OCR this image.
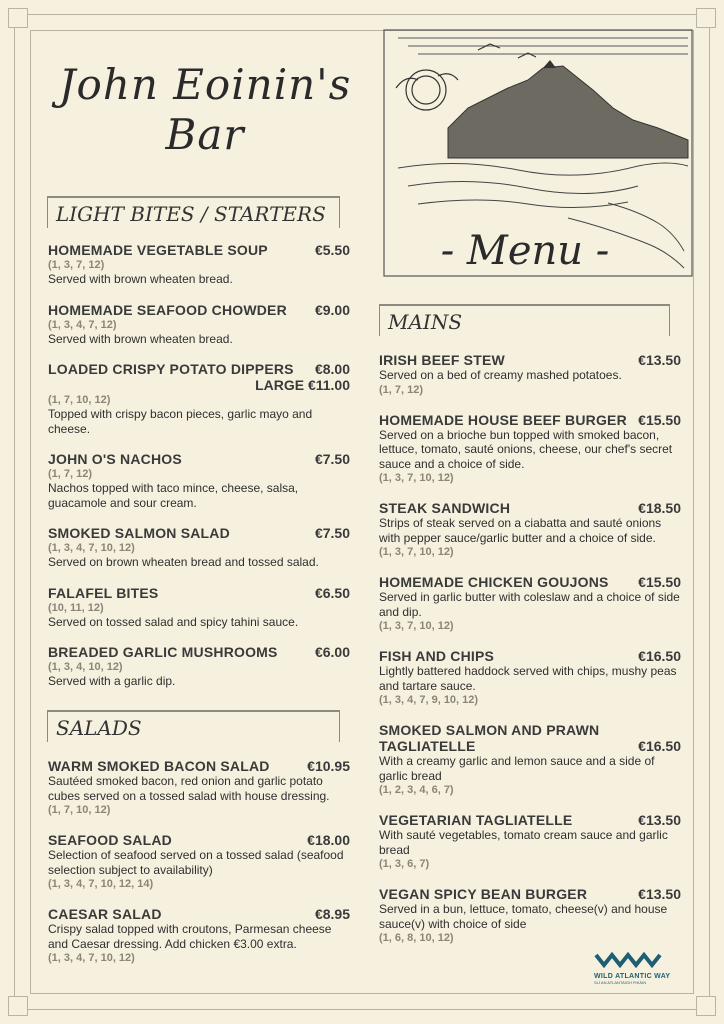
John Eoinin's
Bar
- Menu -
LIGHT BITES / STARTERS
HOMEMADE VEGETABLE SOUP	€5.50
(1, 3, 7, 12)
Served with brown wheaten bread.
HOMEMADE SEAFOOD CHOWDER €9.00
(1, 3, 4, 7, 12)
Served with brown wheaten bread.
LOADED CRISPY POTATO DIPPERS €8.00
LARGE €11.00
(1, 7, 10, 12)
Topped with crispy bacon pieces, garlic mayo and cheese.
JOHN O'S NACHOS	€7.50
(1, 7, 12)
Nachos topped with taco mince, cheese, salsa, guacamole and sour cream.
SMOKED SALMON SALAD	€7.50
(1, 3, 4, 7, 10, 12)
Served on brown wheaten bread and tossed salad.
FALAFEL BITES	€6.50
(10, 11, 12)
Served on tossed salad and spicy tahini sauce.
BREADED GARLIC MUSHROOMS	€6.00
(1, 3, 4, 10, 12)
Served with a garlic dip.
SALADS
WARM SMOKED BACON SALAD	€10.95
Sautéed smoked bacon, red onion and garlic potato cubes served on a tossed salad with house dressing.
(1, 7, 10, 12)
SEAFOOD SALAD	€18.00
Selection of seafood served on a tossed salad (seafood selection subject to availability)
(1, 3, 4, 7, 10, 12, 14)
CAESAR SALAD	€8.95
Crispy salad topped with croutons, Parmesan cheese and Caesar dressing. Add chicken €3.00 extra.
(1, 3, 4, 7, 10, 12)
MAINS
IRISH BEEF STEW	€13.50
Served on a bed of creamy mashed potatoes.
(1, 7, 12)
HOMEMADE HOUSE BEEF BURGER €15.50
Served on a brioche bun topped with smoked bacon, lettuce, tomato, sauté onions, cheese, our chef's secret sauce and a choice of side.
(1, 3, 7, 10, 12)
STEAK SANDWICH	€18.50
Strips of steak served on a ciabatta and sauté onions with pepper sauce/garlic butter and a choice of side.
(1, 3, 7, 10, 12)
HOMEMADE CHICKEN GOUJONS €15.50
Served in garlic butter with coleslaw and a choice of side and dip.
(1, 3, 7, 10, 12)
FISH AND CHIPS	€16.50
Lightly battered haddock served with chips, mushy peas and tartare sauce.
(1, 3, 4, 7, 9, 10, 12)
SMOKED SALMON AND PRAWN TAGLIATELLE	€16.50
With a creamy garlic and lemon sauce and a side of garlic bread
(1, 2, 3, 4, 6, 7)
VEGETARIAN TAGLIATELLE	€13.50
With sauté vegetables, tomato cream sauce and garlic bread
(1, 3, 6, 7)
VEGAN SPICY BEAN BURGER	€13.50
Served in a bun, lettuce, tomato, cheese(v) and house sauce(v) with choice of side
(1, 6, 8, 10, 12)
WILD ATLANTIC WAY
SLÍ AN ATLANTAIGH FHIÁIN
